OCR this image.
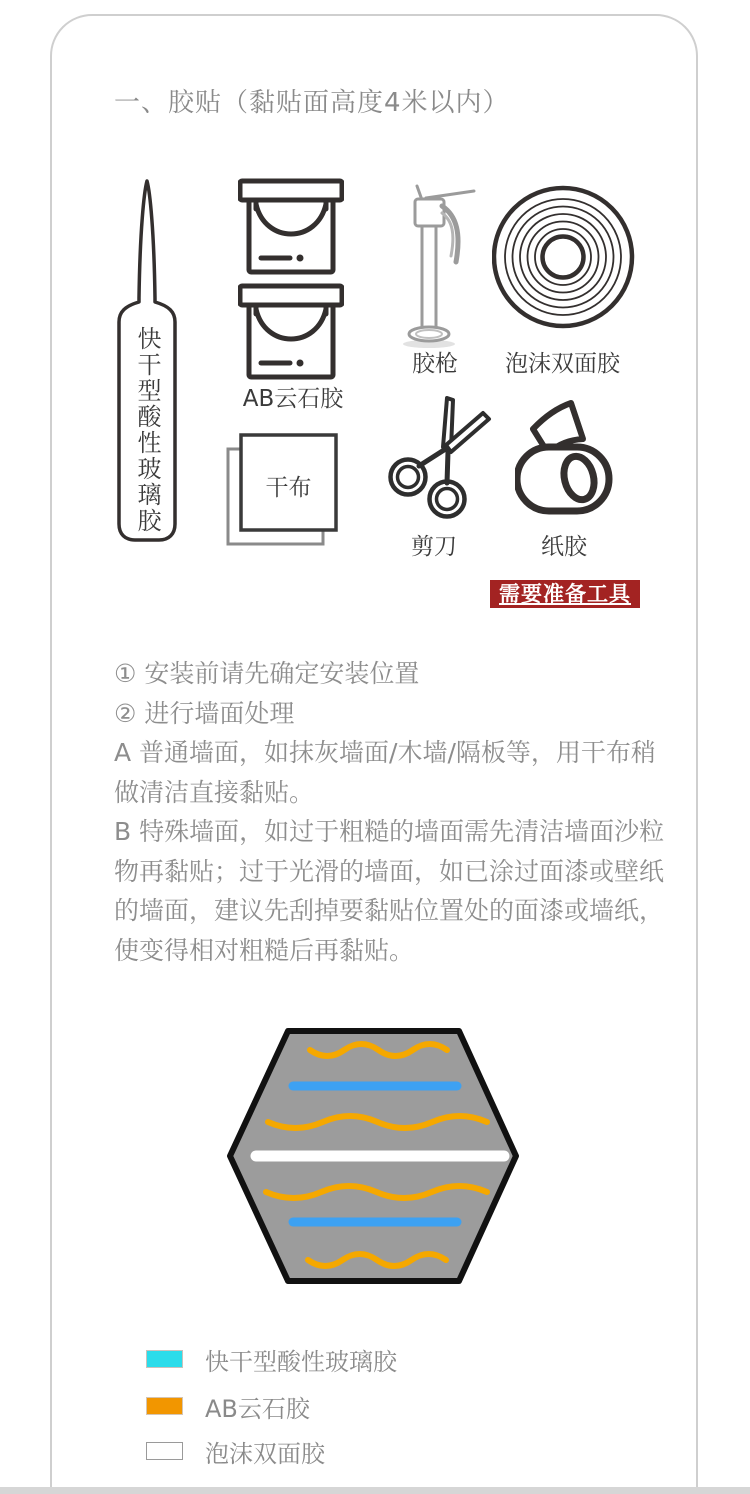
一、胶贴（黏贴面高度4米以内）
快干型酸性玻璃胶	AB云石胶
干布
胶枪	泡沫双面胶
剪刀	纸胶
需要准备工具

① 安装前请先确定安装位置

② 进行墙面处理

A 普通墙面，如抹灰墙面/木墙/隔板等，用干布稍做清洁直接黏贴。

B 特殊墙面，如过于粗糙的墙面需先清洁墙面沙粒物再黏贴；过于光滑的墙面，如已涂过面漆或壁纸的墙面，建议先刮掉要黏贴位置处的面漆或墙纸，使变得相对粗糙后再黏贴。

快干型酸性玻璃胶
AB云石胶
泡沫双面胶
